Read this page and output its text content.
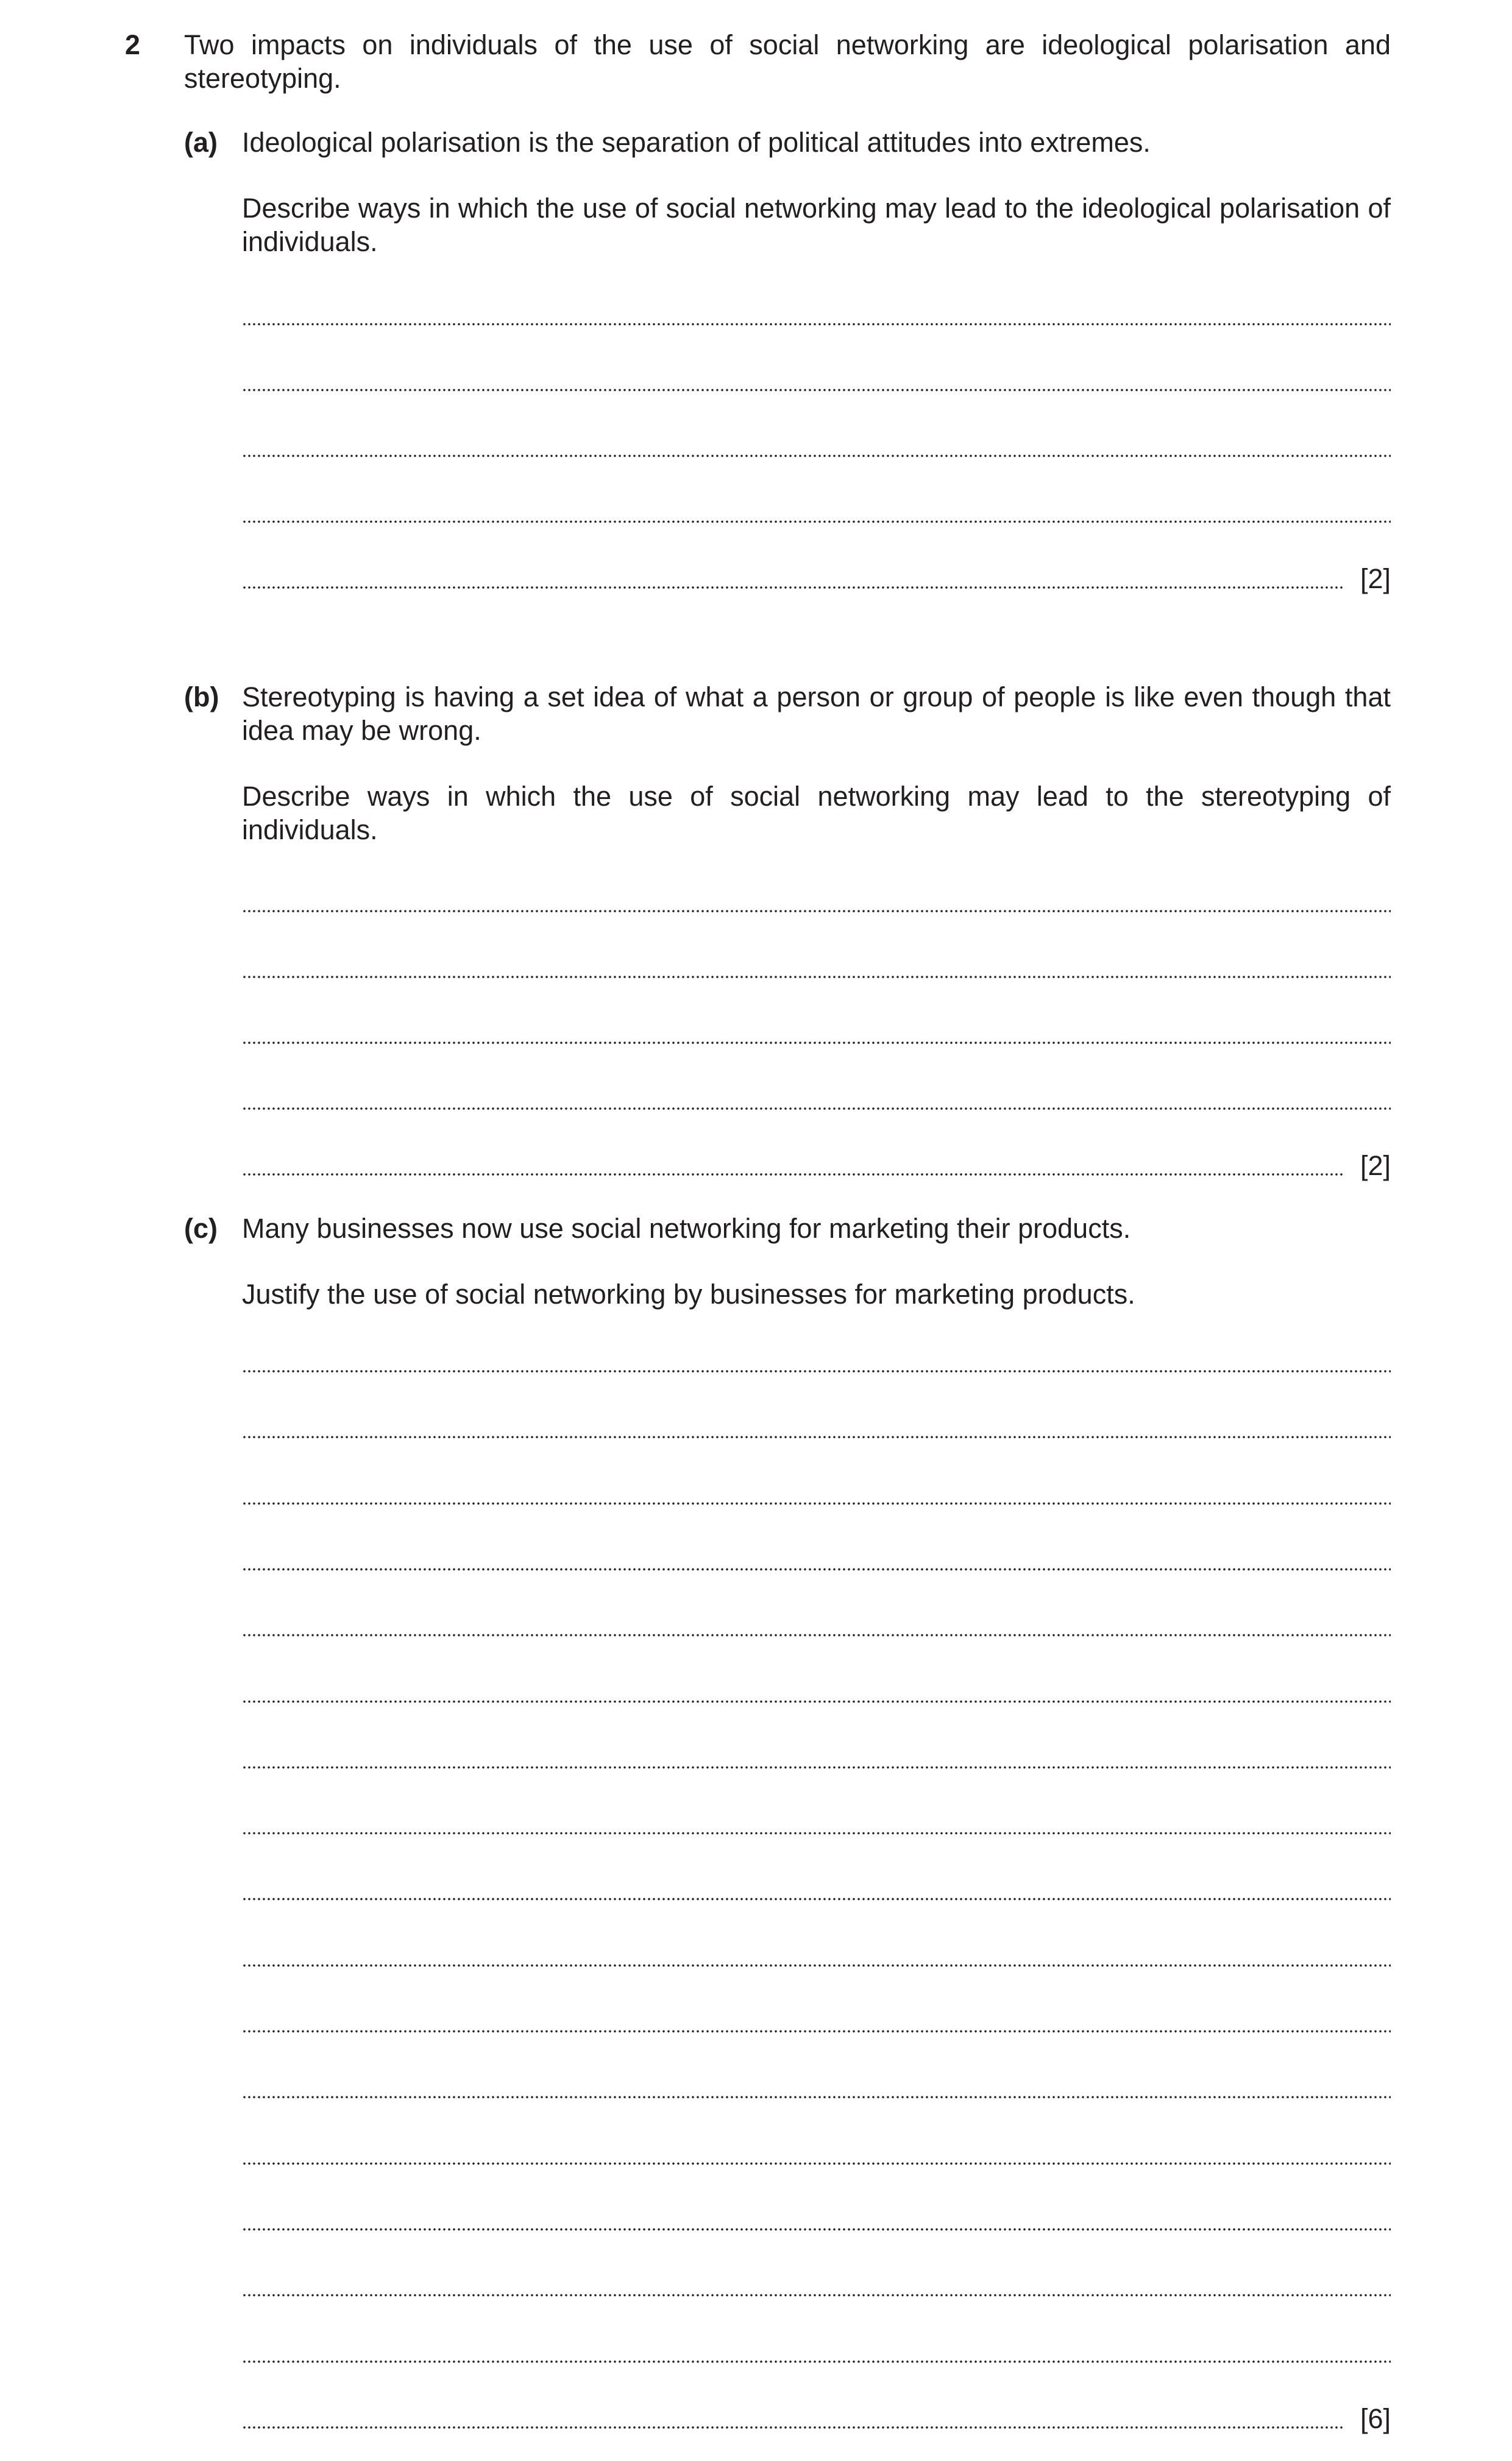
2 Two impacts on individuals of the use of social networking are ideological polarisation and stereotyping.
(a) Ideological polarisation is the separation of political attitudes into extremes.
Describe ways in which the use of social networking may lead to the ideological polarisation of individuals.
[2]
(b) Stereotyping is having a set idea of what a person or group of people is like even though that idea may be wrong.
Describe ways in which the use of social networking may lead to the stereotyping of individuals.
[2]
(c) Many businesses now use social networking for marketing their products.
Justify the use of social networking by businesses for marketing products.
[6]
